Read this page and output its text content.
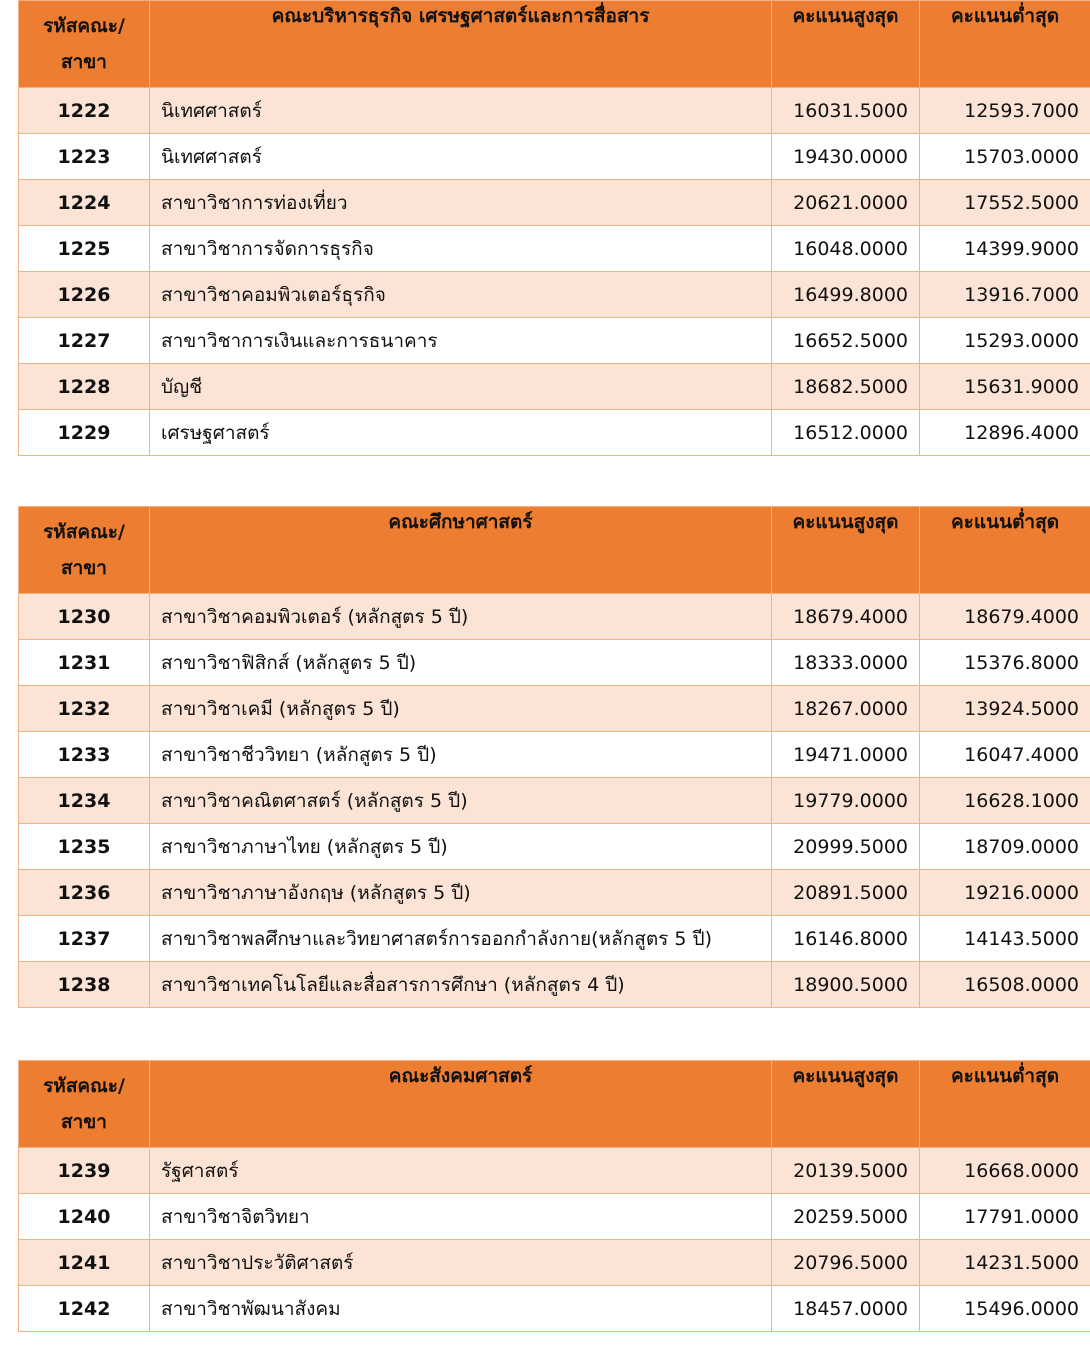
รหัสคณะ/
สาขา	คณะบริหารธุรกิจ เศรษฐศาสตร์และการสื่อสาร	คะแนนสูงสุด	คะแนนต่ำสุด
1222	นิเทศศาสตร์	16031.5000	12593.7000
1223	นิเทศศาสตร์	19430.0000	15703.0000
1224	สาขาวิชาการท่องเที่ยว	20621.0000	17552.5000
1225	สาขาวิชาการจัดการธุรกิจ	16048.0000	14399.9000
1226	สาขาวิชาคอมพิวเตอร์ธุรกิจ	16499.8000	13916.7000
1227	สาขาวิชาการเงินและการธนาคาร	16652.5000	15293.0000
1228	บัญชี	18682.5000	15631.9000
1229	เศรษฐศาสตร์	16512.0000	12896.4000
รหัสคณะ/
สาขา	คณะศึกษาศาสตร์	คะแนนสูงสุด	คะแนนต่ำสุด
1230	สาขาวิชาคอมพิวเตอร์ (หลักสูตร 5 ปี)	18679.4000	18679.4000
1231	สาขาวิชาฟิสิกส์ (หลักสูตร 5 ปี)	18333.0000	15376.8000
1232	สาขาวิชาเคมี (หลักสูตร 5 ปี)	18267.0000	13924.5000
1233	สาขาวิชาชีววิทยา (หลักสูตร 5 ปี)	19471.0000	16047.4000
1234	สาขาวิชาคณิตศาสตร์ (หลักสูตร 5 ปี)	19779.0000	16628.1000
1235	สาขาวิชาภาษาไทย (หลักสูตร 5 ปี)	20999.5000	18709.0000
1236	สาขาวิชาภาษาอังกฤษ (หลักสูตร 5 ปี)	20891.5000	19216.0000
1237	สาขาวิชาพลศึกษาและวิทยาศาสตร์การออกกำลังกาย(หลักสูตร 5 ปี)	16146.8000	14143.5000
1238	สาขาวิชาเทคโนโลยีและสื่อสารการศึกษา (หลักสูตร 4 ปี)	18900.5000	16508.0000
รหัสคณะ/
สาขา	คณะสังคมศาสตร์	คะแนนสูงสุด	คะแนนต่ำสุด
1239	รัฐศาสตร์	20139.5000	16668.0000
1240	สาขาวิชาจิตวิทยา	20259.5000	17791.0000
1241	สาขาวิชาประวัติศาสตร์	20796.5000	14231.5000
1242	สาขาวิชาพัฒนาสังคม	18457.0000	15496.0000
